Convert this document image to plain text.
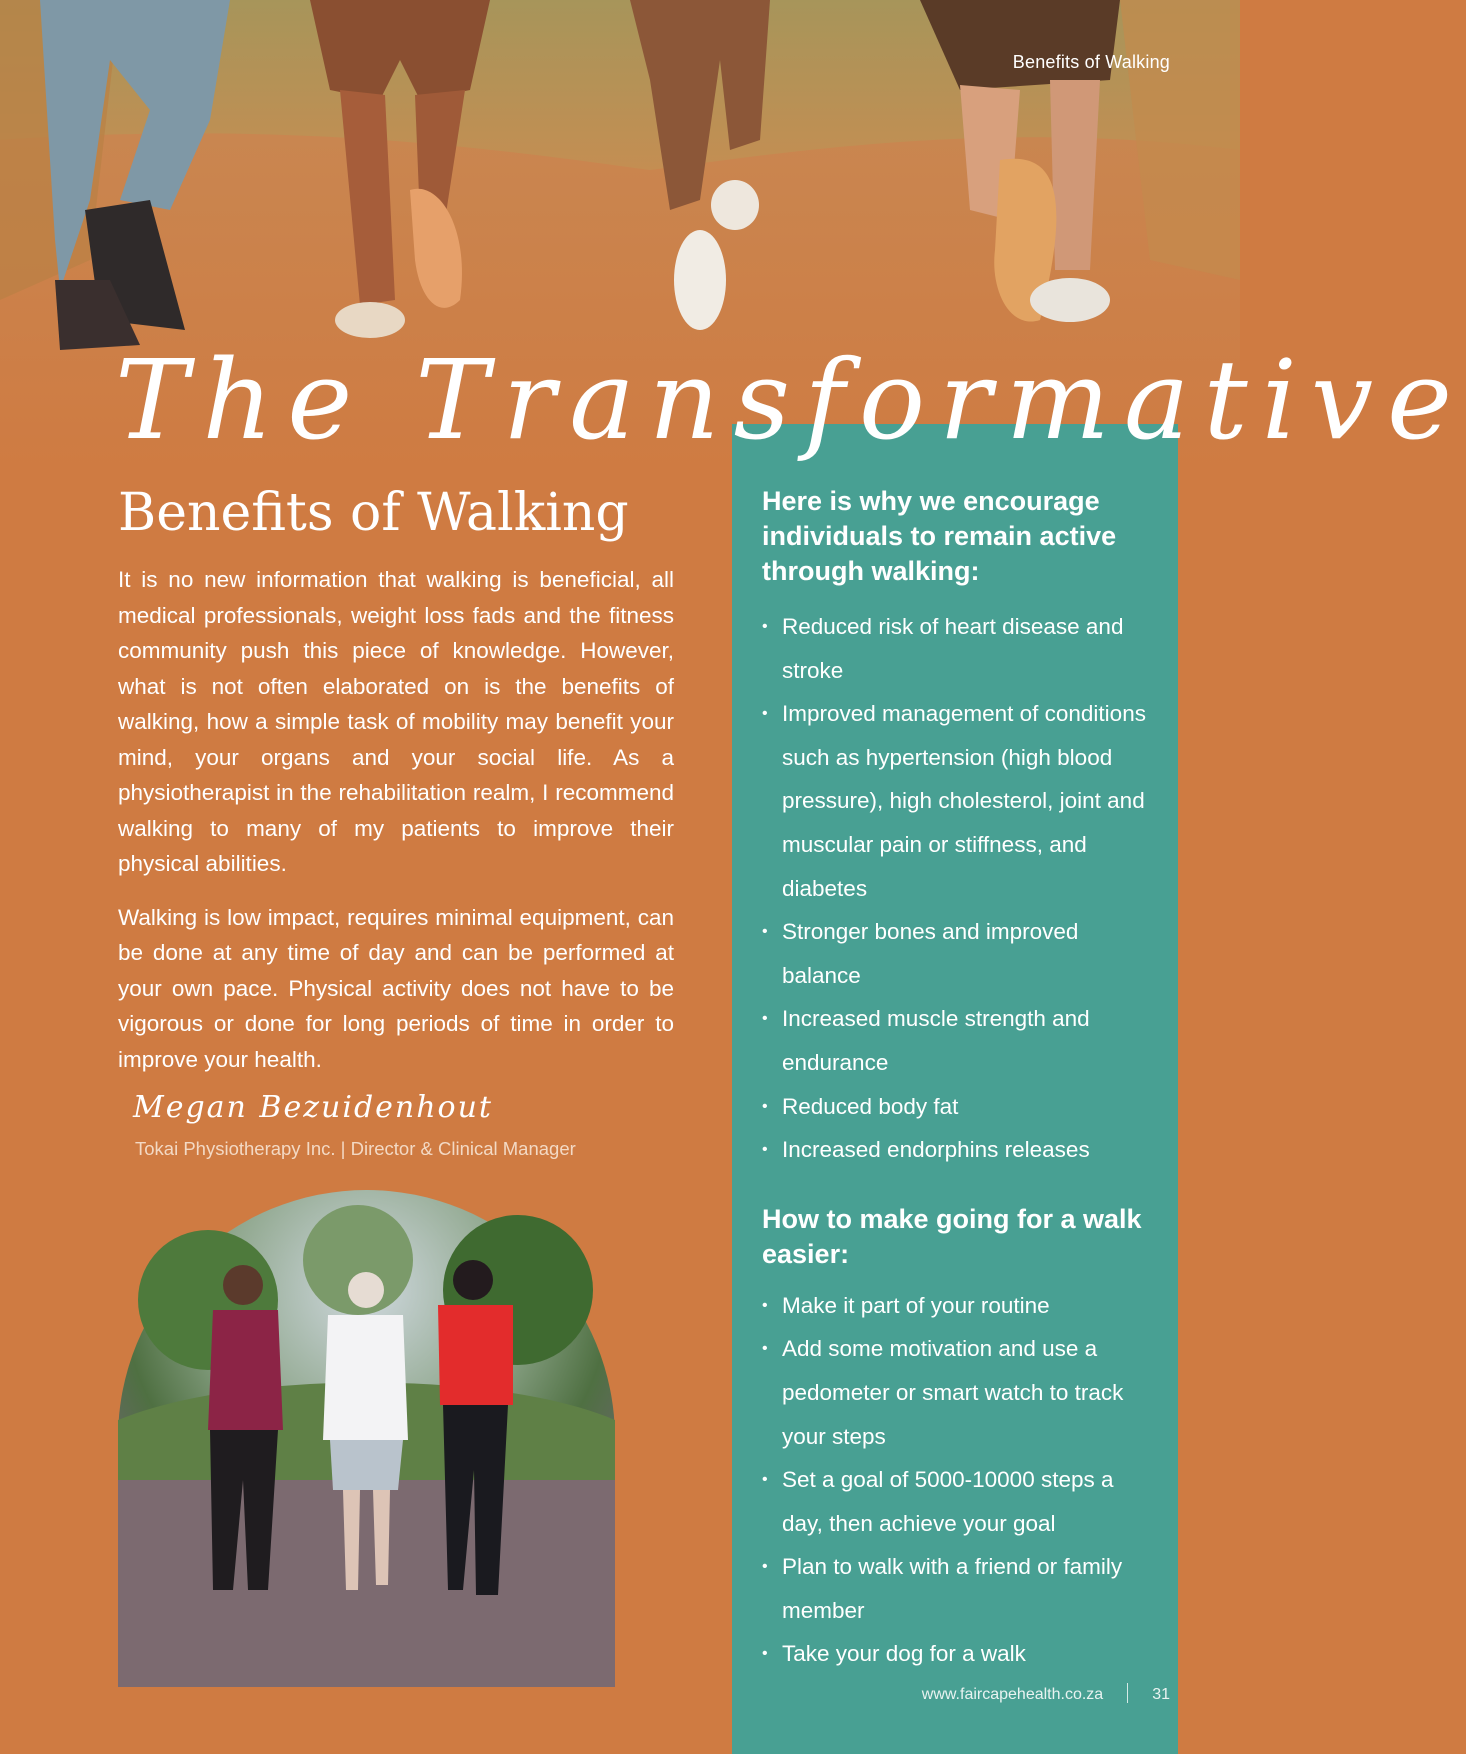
Benefits of Walking
The Transformative
Benefits of Walking

It is no new information that walking is beneficial, all medical professionals, weight loss fads and the fitness community push this piece of knowledge. However, what is not often elaborated on is the benefits of walking, how a simple task of mobility may benefit your mind, your organs and your social life. As a physiotherapist in the rehabilitation realm, I recommend walking to many of my patients to improve their physical abilities.

Walking is low impact, requires minimal equipment, can be done at any time of day and can be performed at your own pace. Physical activity does not have to be vigorous or done for long periods of time in order to improve your health.

Megan Bezuidenhout
Tokai Physiotherapy Inc. | Director & Clinical Manager
Here is why we encourage individuals to remain active through walking:
• Reduced risk of heart disease and stroke
• Improved management of conditions such as hypertension (high blood pressure), high cholesterol, joint and muscular pain or stiffness, and diabetes
• Stronger bones and improved balance
• Increased muscle strength and endurance
• Reduced body fat
• Increased endorphins releases
How to make going for a walk easier:
• Make it part of your routine
• Add some motivation and use a pedometer or smart watch to track your steps
• Set a goal of 5000-10000 steps a day, then achieve your goal
• Plan to walk with a friend or family member
• Take your dog for a walk
www.faircapehealth.co.za	31
